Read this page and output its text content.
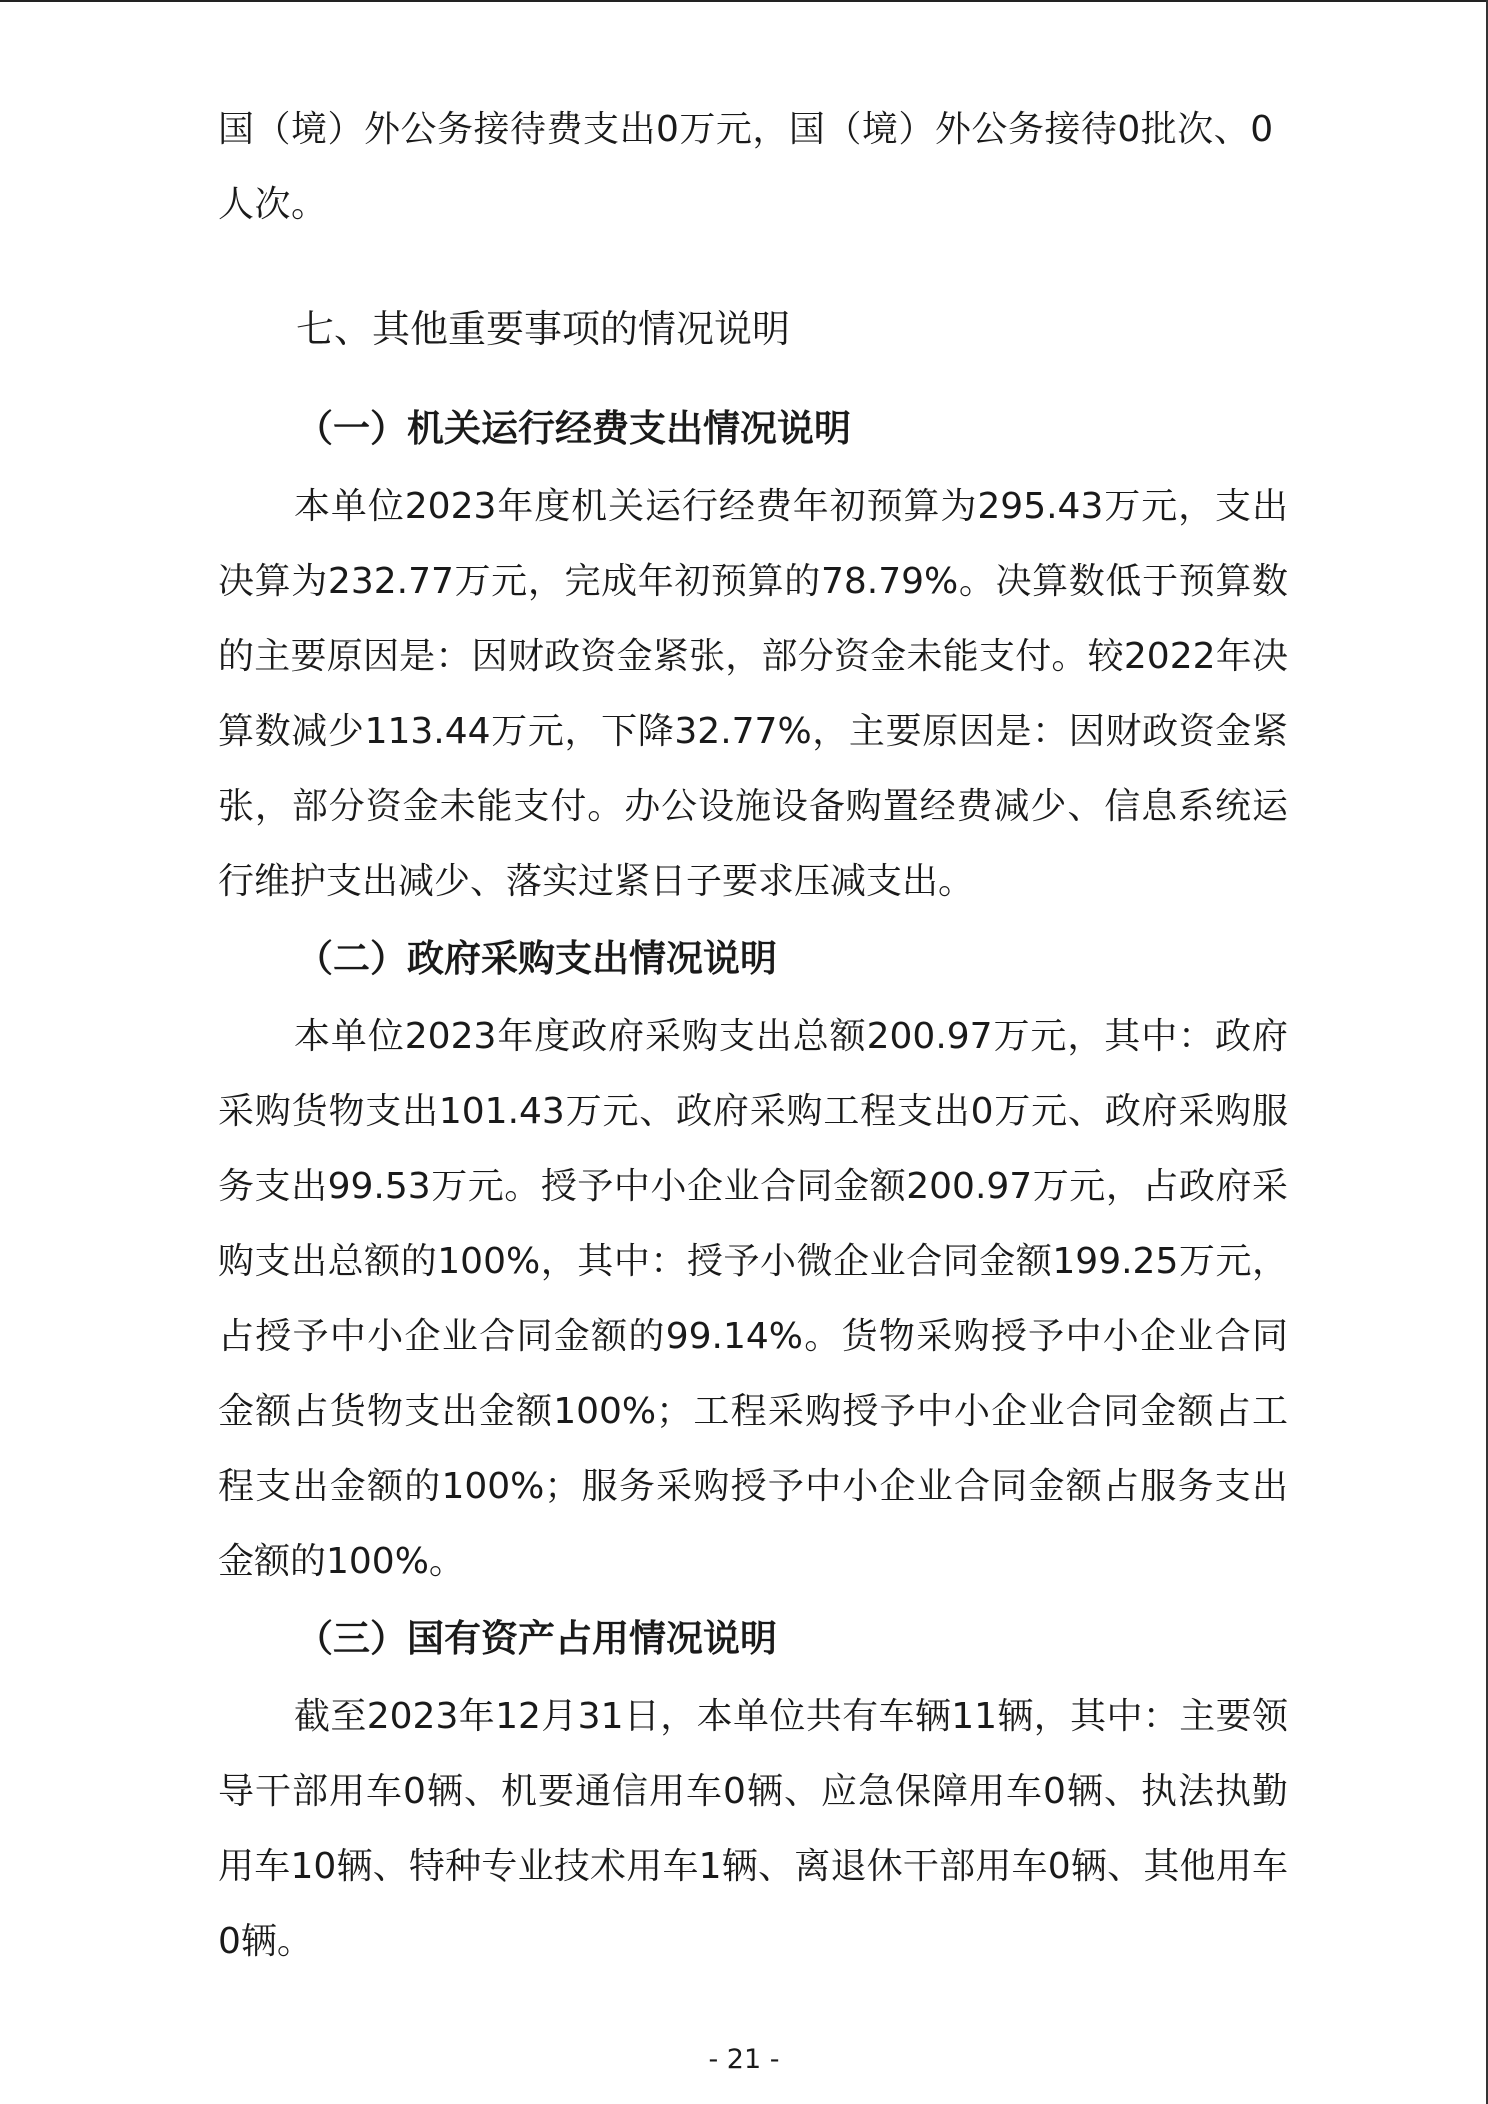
国（境）外公务接待费支出0万元，国（境）外公务接待0批次、0
人次。
七、其他重要事项的情况说明
（一）机关运行经费支出情况说明

本单位2023年度机关运行经费年初预算为295.43万元，支出决算为232.77万元，完成年初预算的78.79%。决算数低于预算数的主要原因是：因财政资金紧张，部分资金未能支付。较2022年决算数减少113.44万元，下降32.77%，主要原因是：因财政资金紧张，部分资金未能支付。办公设施设备购置经费减少、信息系统运行维护支出减少、落实过紧日子要求压减支出。

（二）政府采购支出情况说明

本单位2023年度政府采购支出总额200.97万元，其中：政府采购货物支出101.43万元、政府采购工程支出0万元、政府采购服务支出99.53万元。授予中小企业合同金额200.97万元，占政府采购支出总额的100%，其中：授予小微企业合同金额199.25万元，占授予中小企业合同金额的99.14%。货物采购授予中小企业合同金额占货物支出金额100%；工程采购授予中小企业合同金额占工程支出金额的100%；服务采购授予中小企业合同金额占服务支出金额的100%。

（三）国有资产占用情况说明

截至2023年12月31日，本单位共有车辆11辆，其中：主要领导干部用车0辆、机要通信用车0辆、应急保障用车0辆、执法执勤用车10辆、特种专业技术用车1辆、离退休干部用车0辆、其他用车0辆。

- 21 -
